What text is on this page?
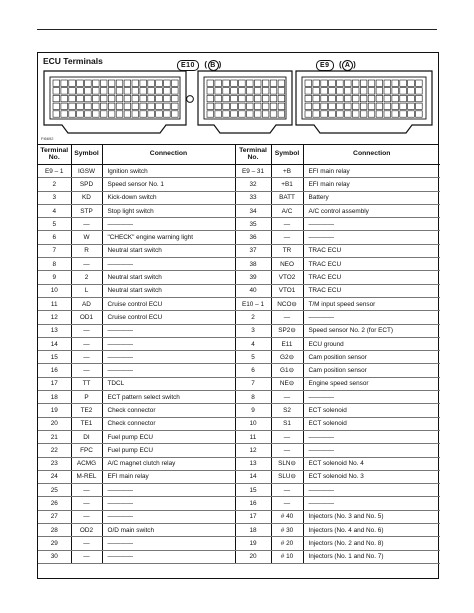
ECU Terminals	E10  ( B )	E9  ( A )
FI6692
Terminal No.	Symbol	Connection	Terminal No.	Symbol	Connection
E9 – 1	IGSW	Ignition switch	E9 – 31	+B	EFI main relay
2	SPD	Speed sensor No. 1	32	+B1	EFI main relay
3	KD	Kick-down switch	33	BATT	Battery
4	STP	Stop light switch	34	A/C	A/C control assembly
5	—	————	35	—	————
6	W	"CHECK" engine warning light	36	—	————
7	R	Neutral start switch	37	TR	TRAC ECU
8	—	————	38	NEO	TRAC ECU
9	2	Neutral start switch	39	VTO2	TRAC ECU
10	L	Neutral start switch	40	VTO1	TRAC ECU
11	AD	Cruise control ECU	E10 – 1	NCO⊖	T/M input speed sensor
12	OD1	Cruise control ECU	2	—	————
13	—	————	3	SP2⊖	Speed sensor No. 2 (for ECT)
14	—	————	4	E11	ECU ground
15	—	————	5	G2⊖	Cam position sensor
16	—	————	6	G1⊖	Cam position sensor
17	TT	TDCL	7	NE⊖	Engine speed sensor
18	P	ECT pattern select switch	8	—	————
19	TE2	Check connector	9	S2	ECT solenoid
20	TE1	Check connector	10	S1	ECT solenoid
21	DI	Fuel pump ECU	11	—	————
22	FPC	Fuel pump ECU	12	—	————
23	ACMG	A/C magnet clutch relay	13	SLN⊖	ECT solenoid No. 4
24	M-REL	EFI main relay	14	SLU⊖	ECT solenoid No. 3
25	—	————	15	—	————
26	—	————	16	—	————
27	—	————	17	# 40	Injectors (No. 3 and No. 5)
28	OD2	O/D main switch	18	# 30	Injectors (No. 4 and No. 6)
29	—	————	19	# 20	Injectors (No. 2 and No. 8)
30	—	————	20	# 10	Injectors (No. 1 and No. 7)
